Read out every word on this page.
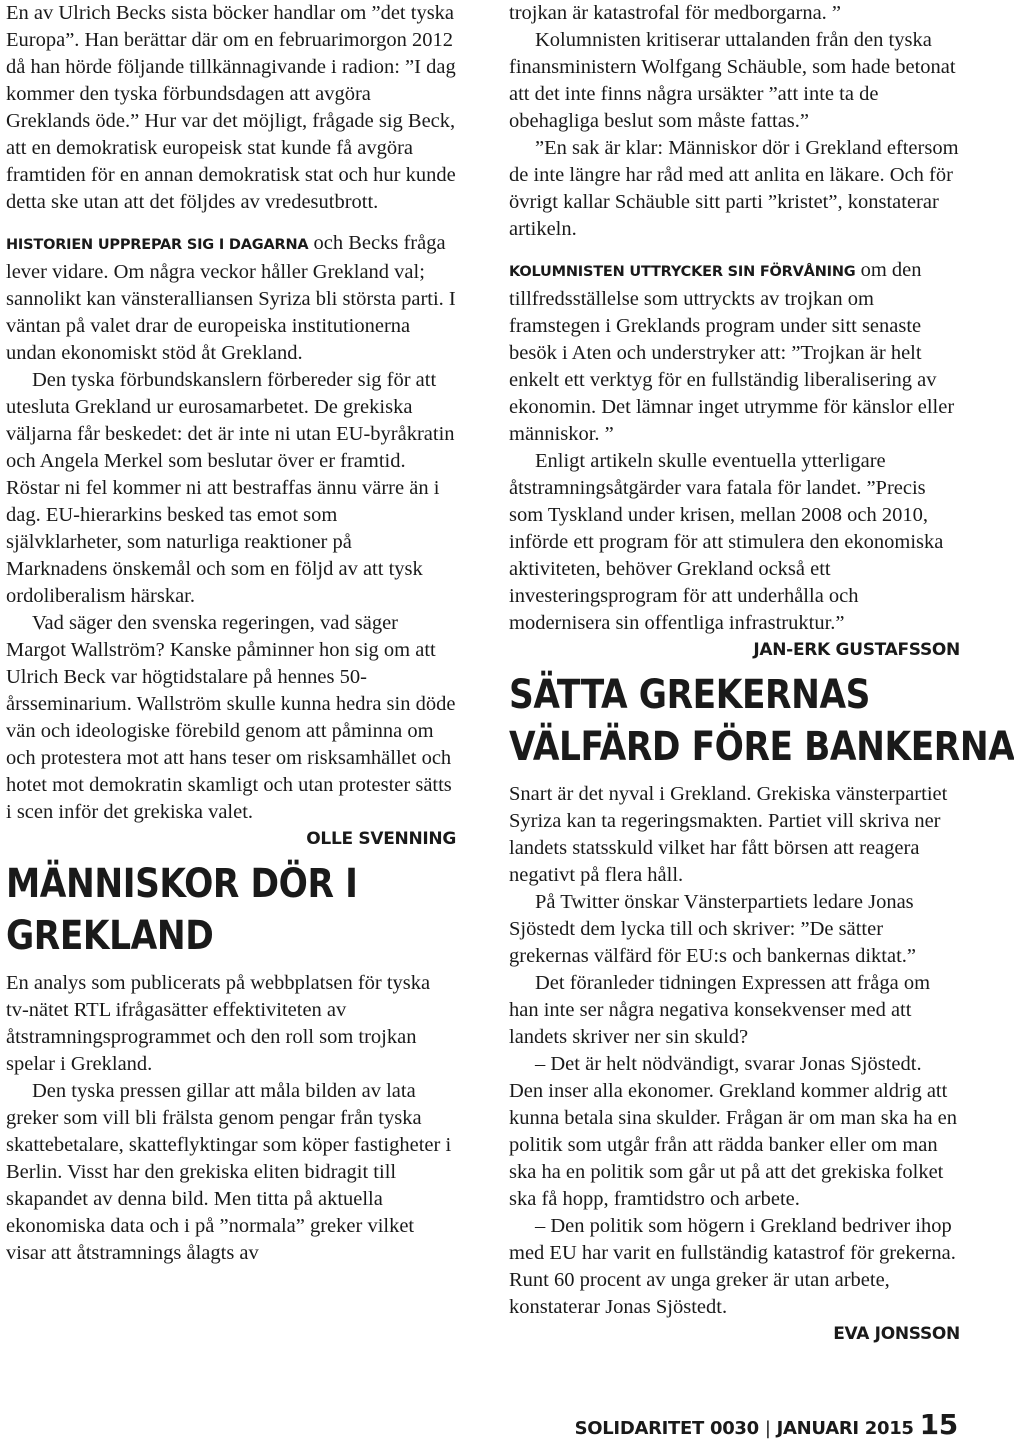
En av Ulrich Becks sista böcker handlar om ”det tyska Europa”. Han berättar där om en februarimorgon 2012 då han hörde följande tillkännagivande i radion: ”I dag kommer den tyska förbundsdagen att avgöra Greklands öde.” Hur var det möjligt, frågade sig Beck, att en demokratisk europeisk stat kunde få avgöra framtiden för en annan demokratisk stat och hur kunde detta ske utan att det följdes av vredesutbrott.

HISTORIEN UPPREPAR SIG I DAGARNA och Becks fråga lever vidare. Om några veckor håller Grekland val; sannolikt kan vänsteralliansen Syriza bli största parti. I väntan på valet drar de europeiska institutionerna undan ekonomiskt stöd åt Grekland.

Den tyska förbundskanslern förbereder sig för att utesluta Grekland ur eurosamarbetet. De grekiska väljarna får beskedet: det är inte ni utan EU-byråkratin och Angela Merkel som beslutar över er framtid. Röstar ni fel kommer ni att bestraffas ännu värre än i dag. EU-hierarkins besked tas emot som självklarheter, som naturliga reaktioner på Marknadens önskemål och som en följd av att tysk ordoliberalism härskar.

Vad säger den svenska regeringen, vad säger Margot Wallström? Kanske påminner hon sig om att Ulrich Beck var högtidstalare på hennes 50-årsseminarium. Wallström skulle kunna hedra sin döde vän och ideologiske förebild genom att påminna om och protestera mot att hans teser om risksamhället och hotet mot demokratin skamligt och utan protester sätts i scen inför det grekiska valet.

OLLE SVENNING
MÄNNISKOR DÖR I
GREKLAND

En analys som publicerats på webbplatsen för tyska tv-nätet RTL ifrågasätter effektiviteten av åtstramningsprogrammet och den roll som trojkan spelar i Grekland.

Den tyska pressen gillar att måla bilden av lata greker som vill bli frälsta genom pengar från tyska skattebetalare, skatteflyktingar som köper fastigheter i Berlin. Visst har den grekiska eliten bidragit till skapandet av denna bild. Men titta på aktuella ekonomiska data och i på ”normala” greker vilket visar att åtstramnings ålagts av

trojkan är katastrofal för medborgarna. ”

Kolumnisten kritiserar uttalanden från den tyska finansministern Wolfgang Schäuble, som hade betonat att det inte finns några ursäkter ”att inte ta de obehagliga beslut som måste fattas.”

”En sak är klar: Människor dör i Grekland eftersom de inte längre har råd med att anlita en läkare. Och för övrigt kallar Schäuble sitt parti ”kristet”, konstaterar artikeln.

KOLUMNISTEN UTTRYCKER SIN FÖRVÅNING om den tillfredsställelse som uttryckts av trojkan om framstegen i Greklands program under sitt senaste besök i Aten och understryker att: ”Trojkan är helt enkelt ett verktyg för en fullständig liberalisering av ekonomin. Det lämnar inget utrymme för känslor eller människor. ”

Enligt artikeln skulle eventuella ytterligare åtstramningsåtgärder vara fatala för landet. ”Precis som Tyskland under krisen, mellan 2008 och 2010, införde ett program för att stimulera den ekonomiska aktiviteten, behöver Grekland också ett investeringsprogram för att underhålla och modernisera sin offentliga infrastruktur.”

JAN-ERK GUSTAFSSON
SÄTTA GREKERNAS
VÄLFÄRD FÖRE BANKERNA

Snart är det nyval i Grekland. Grekiska vänsterpartiet Syriza kan ta regeringsmakten. Partiet vill skriva ner landets statsskuld vilket har fått börsen att reagera negativt på flera håll.

På Twitter önskar Vänsterpartiets ledare Jonas Sjöstedt dem lycka till och skriver: ”De sätter grekernas välfärd för EU:s och bankernas diktat.”

Det föranleder tidningen Expressen att fråga om han inte ser några negativa konsekvenser med att landets skriver ner sin skuld?

– Det är helt nödvändigt, svarar Jonas Sjöstedt. Den inser alla ekonomer. Grekland kommer aldrig att kunna betala sina skulder. Frågan är om man ska ha en politik som utgår från att rädda banker eller om man ska ha en politik som går ut på att det grekiska folket ska få hopp, framtidstro och arbete.

– Den politik som högern i Grekland bedriver ihop med EU har varit en fullständig katastrof för grekerna. Runt 60 procent av unga greker är utan arbete, konstaterar Jonas Sjöstedt.

EVA JONSSON
SOLIDARITET 0030 | JANUARI 2015 15
